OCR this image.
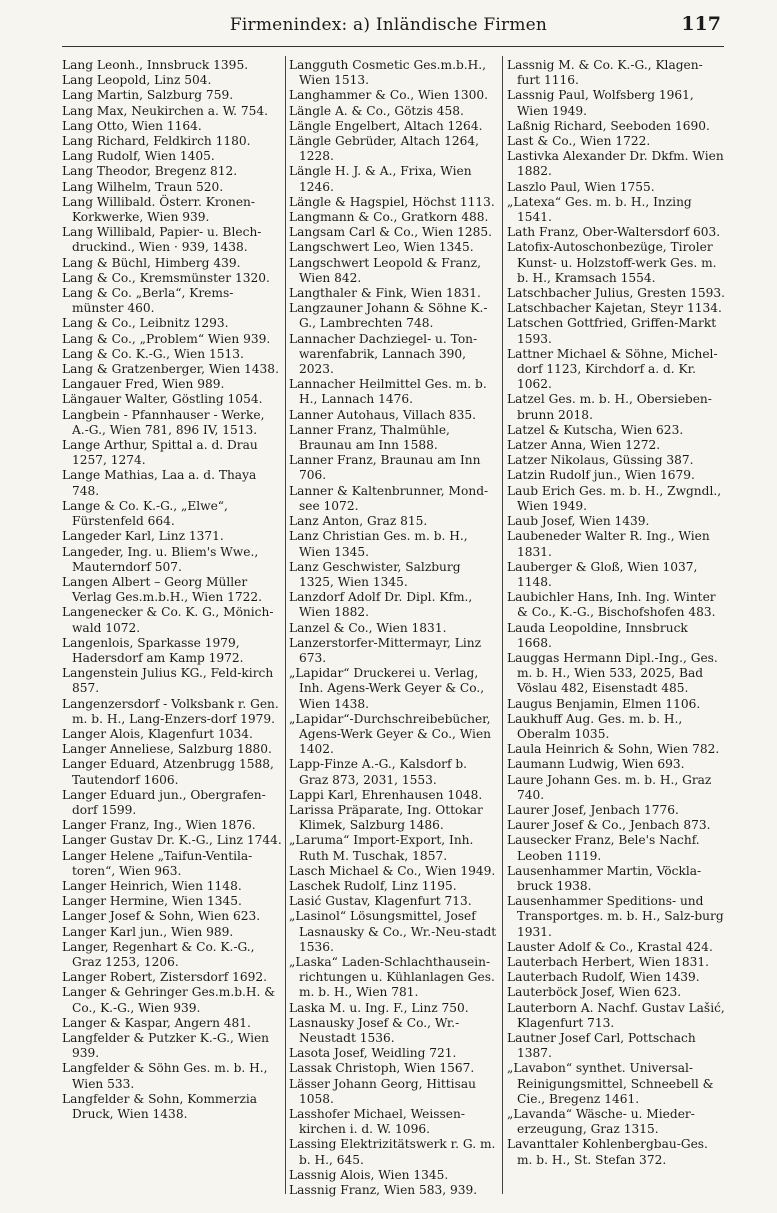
Firmenindex: a) Inländische Firmen	117
Lang Leonh., Innsbruck 1395.
Lang Leopold, Linz 504.
Lang Martin, Salzburg 759.
Lang Max, Neukirchen a. W. 754.
Lang Otto, Wien 1164.
Lang Richard, Feldkirch 1180.
Lang Rudolf, Wien 1405.
Lang Theodor, Bregenz 812.
Lang Wilhelm, Traun 520.
Lang Willibald. Österr. Kronen-Korkwerke, Wien 939.
Lang Willibald, Papier- u. Blech-druckind., Wien · 939, 1438.
Lang & Büchl, Himberg 439.
Lang & Co., Kremsmünster 1320.
Lang & Co. „Berla“, Krems-münster 460.
Lang & Co., Leibnitz 1293.
Lang & Co., „Problem“ Wien 939.
Lang & Co. K.-G., Wien 1513.
Lang & Gratzenberger, Wien 1438.
Langauer Fred, Wien 989.
Längauer Walter, Göstling 1054.
Langbein - Pfannhauser - Werke, A.-G., Wien 781, 896 IV, 1513.
Lange Arthur, Spittal a. d. Drau 1257, 1274.
Lange Mathias, Laa a. d. Thaya 748.
Lange & Co. K.-G., „Elwe“, Fürstenfeld 664.
Langeder Karl, Linz 1371.
Langeder, Ing. u. Bliem's Wwe., Mauterndorf 507.
Langen Albert – Georg Müller Verlag Ges.m.b.H., Wien 1722.
Langenecker & Co. K. G., Mönich-wald 1072.
Langenlois, Sparkasse 1979, Hadersdorf am Kamp 1972.
Langenstein Julius KG., Feld-kirch 857.
Langenzersdorf - Volksbank r. Gen. m. b. H., Lang-Enzers-dorf 1979.
Langer Alois, Klagenfurt 1034.
Langer Anneliese, Salzburg 1880.
Langer Eduard, Atzenbrugg 1588, Tautendorf 1606.
Langer Eduard jun., Obergrafen-dorf 1599.
Langer Franz, Ing., Wien 1876.
Langer Gustav Dr. K.-G., Linz 1744.
Langer Helene „Taifun-Ventila-toren“, Wien 963.
Langer Heinrich, Wien 1148.
Langer Hermine, Wien 1345.
Langer Josef & Sohn, Wien 623.
Langer Karl jun., Wien 989.
Langer, Regenhart & Co. K.-G., Graz 1253, 1206.
Langer Robert, Zistersdorf 1692.
Langer & Gehringer Ges.m.b.H. & Co., K.-G., Wien 939.
Langer & Kaspar, Angern 481.
Langfelder & Putzker K.-G., Wien 939.
Langfelder & Söhn Ges. m. b. H., Wien 533.
Langfelder & Sohn, Kommerzia Druck, Wien 1438.
Langguth Cosmetic Ges.m.b.H., Wien 1513.
Langhammer & Co., Wien 1300.
Längle A. & Co., Götzis 458.
Längle Engelbert, Altach 1264.
Längle Gebrüder, Altach 1264, 1228.
Längle H. J. & A., Frixa, Wien 1246.
Längle & Hagspiel, Höchst 1113.
Langmann & Co., Gratkorn 488.
Langsam Carl & Co., Wien 1285.
Langschwert Leo, Wien 1345.
Langschwert Leopold & Franz, Wien 842.
Langthaler & Fink, Wien 1831.
Langzauner Johann & Söhne K.-G., Lambrechten 748.
Lannacher Dachziegel- u. Ton-warenfabrik, Lannach 390, 2023.
Lannacher Heilmittel Ges. m. b. H., Lannach 1476.
Lanner Autohaus, Villach 835.
Lanner Franz, Thalmühle, Braunau am Inn 1588.
Lanner Franz, Braunau am Inn 706.
Lanner & Kaltenbrunner, Mond-see 1072.
Lanz Anton, Graz 815.
Lanz Christian Ges. m. b. H., Wien 1345.
Lanz Geschwister, Salzburg 1325, Wien 1345.
Lanzdorf Adolf Dr. Dipl. Kfm., Wien 1882.
Lanzel & Co., Wien 1831.
Lanzerstorfer-Mittermayr, Linz 673.
„Lapidar“ Druckerei u. Verlag, Inh. Agens-Werk Geyer & Co., Wien 1438.
„Lapidar“-Durchschreibebücher, Agens-Werk Geyer & Co., Wien 1402.
Lapp-Finze A.-G., Kalsdorf b. Graz 873, 2031, 1553.
Lappi Karl, Ehrenhausen 1048.
Larissa Präparate, Ing. Ottokar Klimek, Salzburg 1486.
„Laruma“ Import-Export, Inh. Ruth M. Tuschak, 1857.
Lasch Michael & Co., Wien 1949.
Laschek Rudolf, Linz 1195.
Lasić Gustav, Klagenfurt 713.
„Lasinol“ Lösungsmittel, Josef Lasnausky & Co., Wr.-Neu-stadt 1536.
„Laska“ Laden-Schlachthausein-richtungen u. Kühlanlagen Ges. m. b. H., Wien 781.
Laska M. u. Ing. F., Linz 750.
Lasnausky Josef & Co., Wr.-Neustadt 1536.
Lasota Josef, Weidling 721.
Lassak Christoph, Wien 1567.
Lässer Johann Georg, Hittisau 1058.
Lasshofer Michael, Weissen-kirchen i. d. W. 1096.
Lassing Elektrizitätswerk r. G. m. b. H., 645.
Lassnig Alois, Wien 1345.
Lassnig Franz, Wien 583, 939.
Lassnig M. & Co. K.-G., Klagen-furt 1116.
Lassnig Paul, Wolfsberg 1961, Wien 1949.
Laßnig Richard, Seeboden 1690.
Last & Co., Wien 1722.
Lastivka Alexander Dr. Dkfm. Wien 1882.
Laszlo Paul, Wien 1755.
„Latexa“ Ges. m. b. H., Inzing 1541.
Lath Franz, Ober-Waltersdorf 603.
Latofix-Autoschonbezüge, Tiroler Kunst- u. Holzstoff-werk Ges. m. b. H., Kramsach 1554.
Latschbacher Julius, Gresten 1593.
Latschbacher Kajetan, Steyr 1134.
Latschen Gottfried, Griffen-Markt 1593.
Lattner Michael & Söhne, Michel-dorf 1123, Kirchdorf a. d. Kr. 1062.
Latzel Ges. m. b. H., Obersieben-brunn 2018.
Latzel & Kutscha, Wien 623.
Latzer Anna, Wien 1272.
Latzer Nikolaus, Güssing 387.
Latzin Rudolf jun., Wien 1679.
Laub Erich Ges. m. b. H., Zwgndl., Wien 1949.
Laub Josef, Wien 1439.
Laubeneder Walter R. Ing., Wien 1831.
Lauberger & Gloß, Wien 1037, 1148.
Laubichler Hans, Inh. Ing. Winter & Co., K.-G., Bischofshofen 483.
Lauda Leopoldine, Innsbruck 1668.
Lauggas Hermann Dipl.-Ing., Ges. m. b. H., Wien 533, 2025, Bad Vöslau 482, Eisenstadt 485.
Laugus Benjamin, Elmen 1106.
Laukhuff Aug. Ges. m. b. H., Oberalm 1035.
Laula Heinrich & Sohn, Wien 782.
Laumann Ludwig, Wien 693.
Laure Johann Ges. m. b. H., Graz 740.
Laurer Josef, Jenbach 1776.
Laurer Josef & Co., Jenbach 873.
Lausecker Franz, Bele's Nachf. Leoben 1119.
Lausenhammer Martin, Vöckla-bruck 1938.
Lausenhammer Speditions- und Transportges. m. b. H., Salz-burg 1931.
Lauster Adolf & Co., Krastal 424.
Lauterbach Herbert, Wien 1831.
Lauterbach Rudolf, Wien 1439.
Lauterböck Josef, Wien 623.
Lauterborn A. Nachf. Gustav Lašić, Klagenfurt 713.
Lautner Josef Carl, Pottschach 1387.
„Lavabon“ synthet. Universal-Reinigungsmittel, Schneebell & Cie., Bregenz 1461.
„Lavanda“ Wäsche- u. Mieder-erzeugung, Graz 1315.
Lavanttaler Kohlenbergbau-Ges. m. b. H., St. Stefan 372.
